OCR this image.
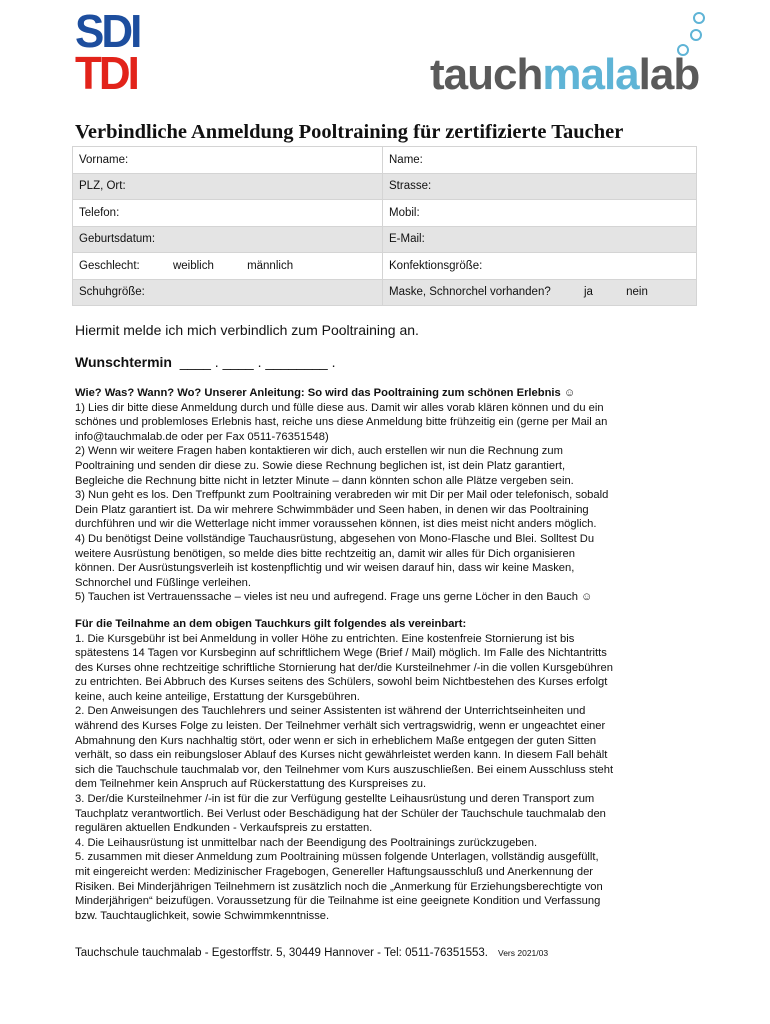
SDI
TDI	tauchmalalab
Verbindliche Anmeldung Pooltraining für zertifizierte Taucher
Vorname:	Name:
PLZ, Ort:	Strasse:
Telefon:	Mobil:
Geburtsdatum:	E-Mail:
Geschlecht: weiblich männlich	Konfektionsgröße:
Schuhgröße:	Maske, Schnorchel vorhanden? ja nein
Hiermit melde ich mich verbindlich zum Pooltraining an.
Wunschtermin  ____ . ____ . ________ .

Wie? Was? Wann? Wo? Unserer Anleitung: So wird das Pooltraining zum schönen Erlebnis ☺

1) Lies dir bitte diese Anmeldung durch und fülle diese aus. Damit wir alles vorab klären können und du ein

schönes und problemloses Erlebnis hast, reiche uns diese Anmeldung bitte frühzeitig ein (gerne per Mail an

info@tauchmalab.de oder per Fax 0511-76351548)

2) Wenn wir weitere Fragen haben kontaktieren wir dich, auch erstellen wir nun die Rechnung zum

Pooltraining und senden dir diese zu. Sowie diese Rechnung beglichen ist, ist dein Platz garantiert,

Begleiche die Rechnung bitte nicht in letzter Minute – dann könnten schon alle Plätze vergeben sein.

3) Nun geht es los. Den Treffpunkt zum Pooltraining verabreden wir mit Dir per Mail oder telefonisch, sobald

Dein Platz garantiert ist. Da wir mehrere Schwimmbäder und Seen haben, in denen wir das Pooltraining

durchführen und wir die Wetterlage nicht immer voraussehen können, ist dies meist nicht anders möglich.

4) Du benötigst Deine vollständige Tauchausrüstung, abgesehen von Mono-Flasche und Blei. Solltest Du

weitere Ausrüstung benötigen, so melde dies bitte rechtzeitig an, damit wir alles für Dich organisieren

können. Der Ausrüstungsverleih ist kostenpflichtig und wir weisen darauf hin, dass wir keine Masken,

Schnorchel und Füßlinge verleihen.

5) Tauchen ist Vertrauenssache – vieles ist neu und aufregend. Frage uns gerne Löcher in den Bauch ☺

Für die Teilnahme an dem obigen Tauchkurs gilt folgendes als vereinbart:

1. Die Kursgebühr ist bei Anmeldung in voller Höhe zu entrichten. Eine kostenfreie Stornierung ist bis

spätestens 14 Tagen vor Kursbeginn auf schriftlichem Wege (Brief / Mail) möglich. Im Falle des Nichtantritts

des Kurses ohne rechtzeitige schriftliche Stornierung hat der/die Kursteilnehmer /-in die vollen Kursgebühren

zu entrichten. Bei Abbruch des Kurses seitens des Schülers, sowohl beim Nichtbestehen des Kurses erfolgt

keine, auch keine anteilige, Erstattung der Kursgebühren.

2. Den Anweisungen des Tauchlehrers und seiner Assistenten ist während der Unterrichtseinheiten und

während des Kurses Folge zu leisten. Der Teilnehmer verhält sich vertragswidrig, wenn er ungeachtet einer

Abmahnung den Kurs nachhaltig stört, oder wenn er sich in erheblichem Maße entgegen der guten Sitten

verhält, so dass ein reibungsloser Ablauf des Kurses nicht gewährleistet werden kann. In diesem Fall behält

sich die Tauchschule tauchmalab vor, den Teilnehmer vom Kurs auszuschließen. Bei einem Ausschluss steht

dem Teilnehmer kein Anspruch auf Rückerstattung des Kurspreises zu.

3. Der/die Kursteilnehmer /-in ist für die zur Verfügung gestellte Leihausrüstung und deren Transport zum

Tauchplatz verantwortlich. Bei Verlust oder Beschädigung hat der Schüler der Tauchschule tauchmalab den

regulären aktuellen Endkunden - Verkaufspreis zu erstatten.

4. Die Leihausrüstung ist unmittelbar nach der Beendigung des Pooltrainings zurückzugeben.

5. zusammen mit dieser Anmeldung zum Pooltraining müssen folgende Unterlagen, vollständig ausgefüllt,

mit eingereicht werden: Medizinischer Fragebogen, Genereller Haftungsausschluß und Anerkennung der

Risiken. Bei Minderjährigen Teilnehmern ist zusätzlich noch die „Anmerkung für Erziehungsberechtigte von

Minderjährigen“ beizufügen. Voraussetzung für die Teilnahme ist eine geeignete Kondition und Verfassung

bzw. Tauchtauglichkeit, sowie Schwimmkenntnisse.

Tauchschule tauchmalab - Egestorffstr. 5, 30449 Hannover - Tel: 0511-76351553. Vers 2021/03
